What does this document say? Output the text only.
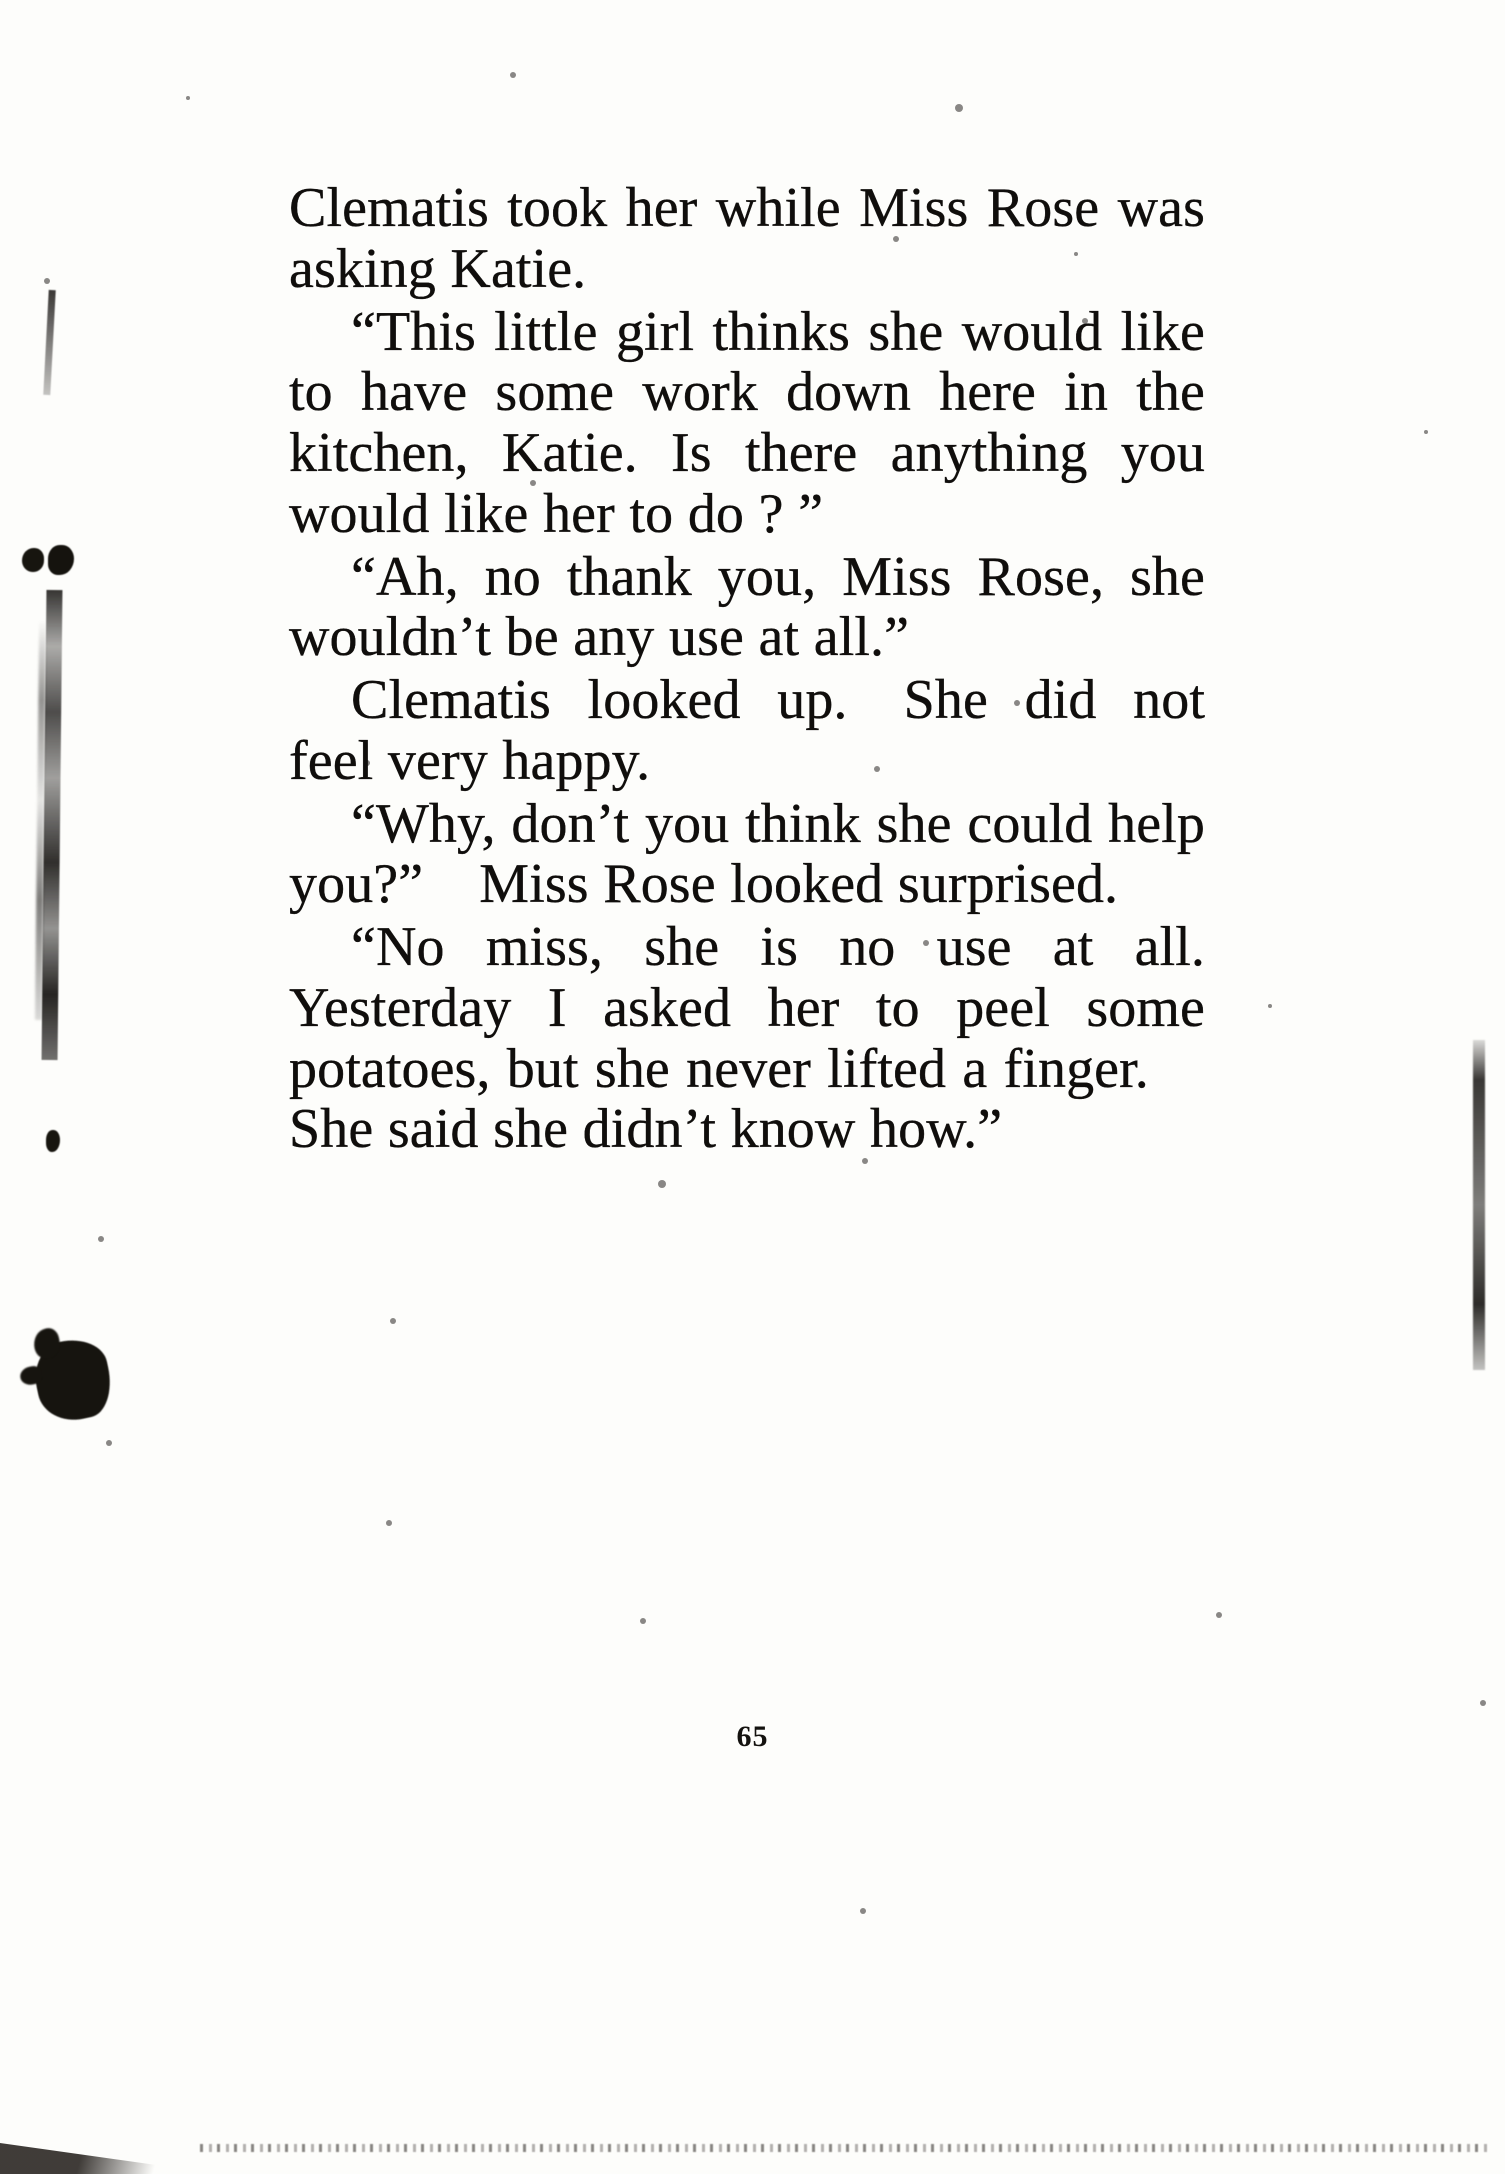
Clematis took her while Miss Rose was asking Katie.

“This little girl thinks she would like to have some work down here in the kitchen, Katie. Is there anything you would like her to do ? ”

“Ah, no thank you, Miss Rose, she wouldn’t be any use at all.”

Clematis looked up. She did not feel very happy.

“Why, don’t you think she could help you?” Miss Rose looked surprised.

“No miss, she is no use at all. Yesterday I asked her to peel some potatoes, but she never lifted a finger. She said she didn’t know how.”

65
